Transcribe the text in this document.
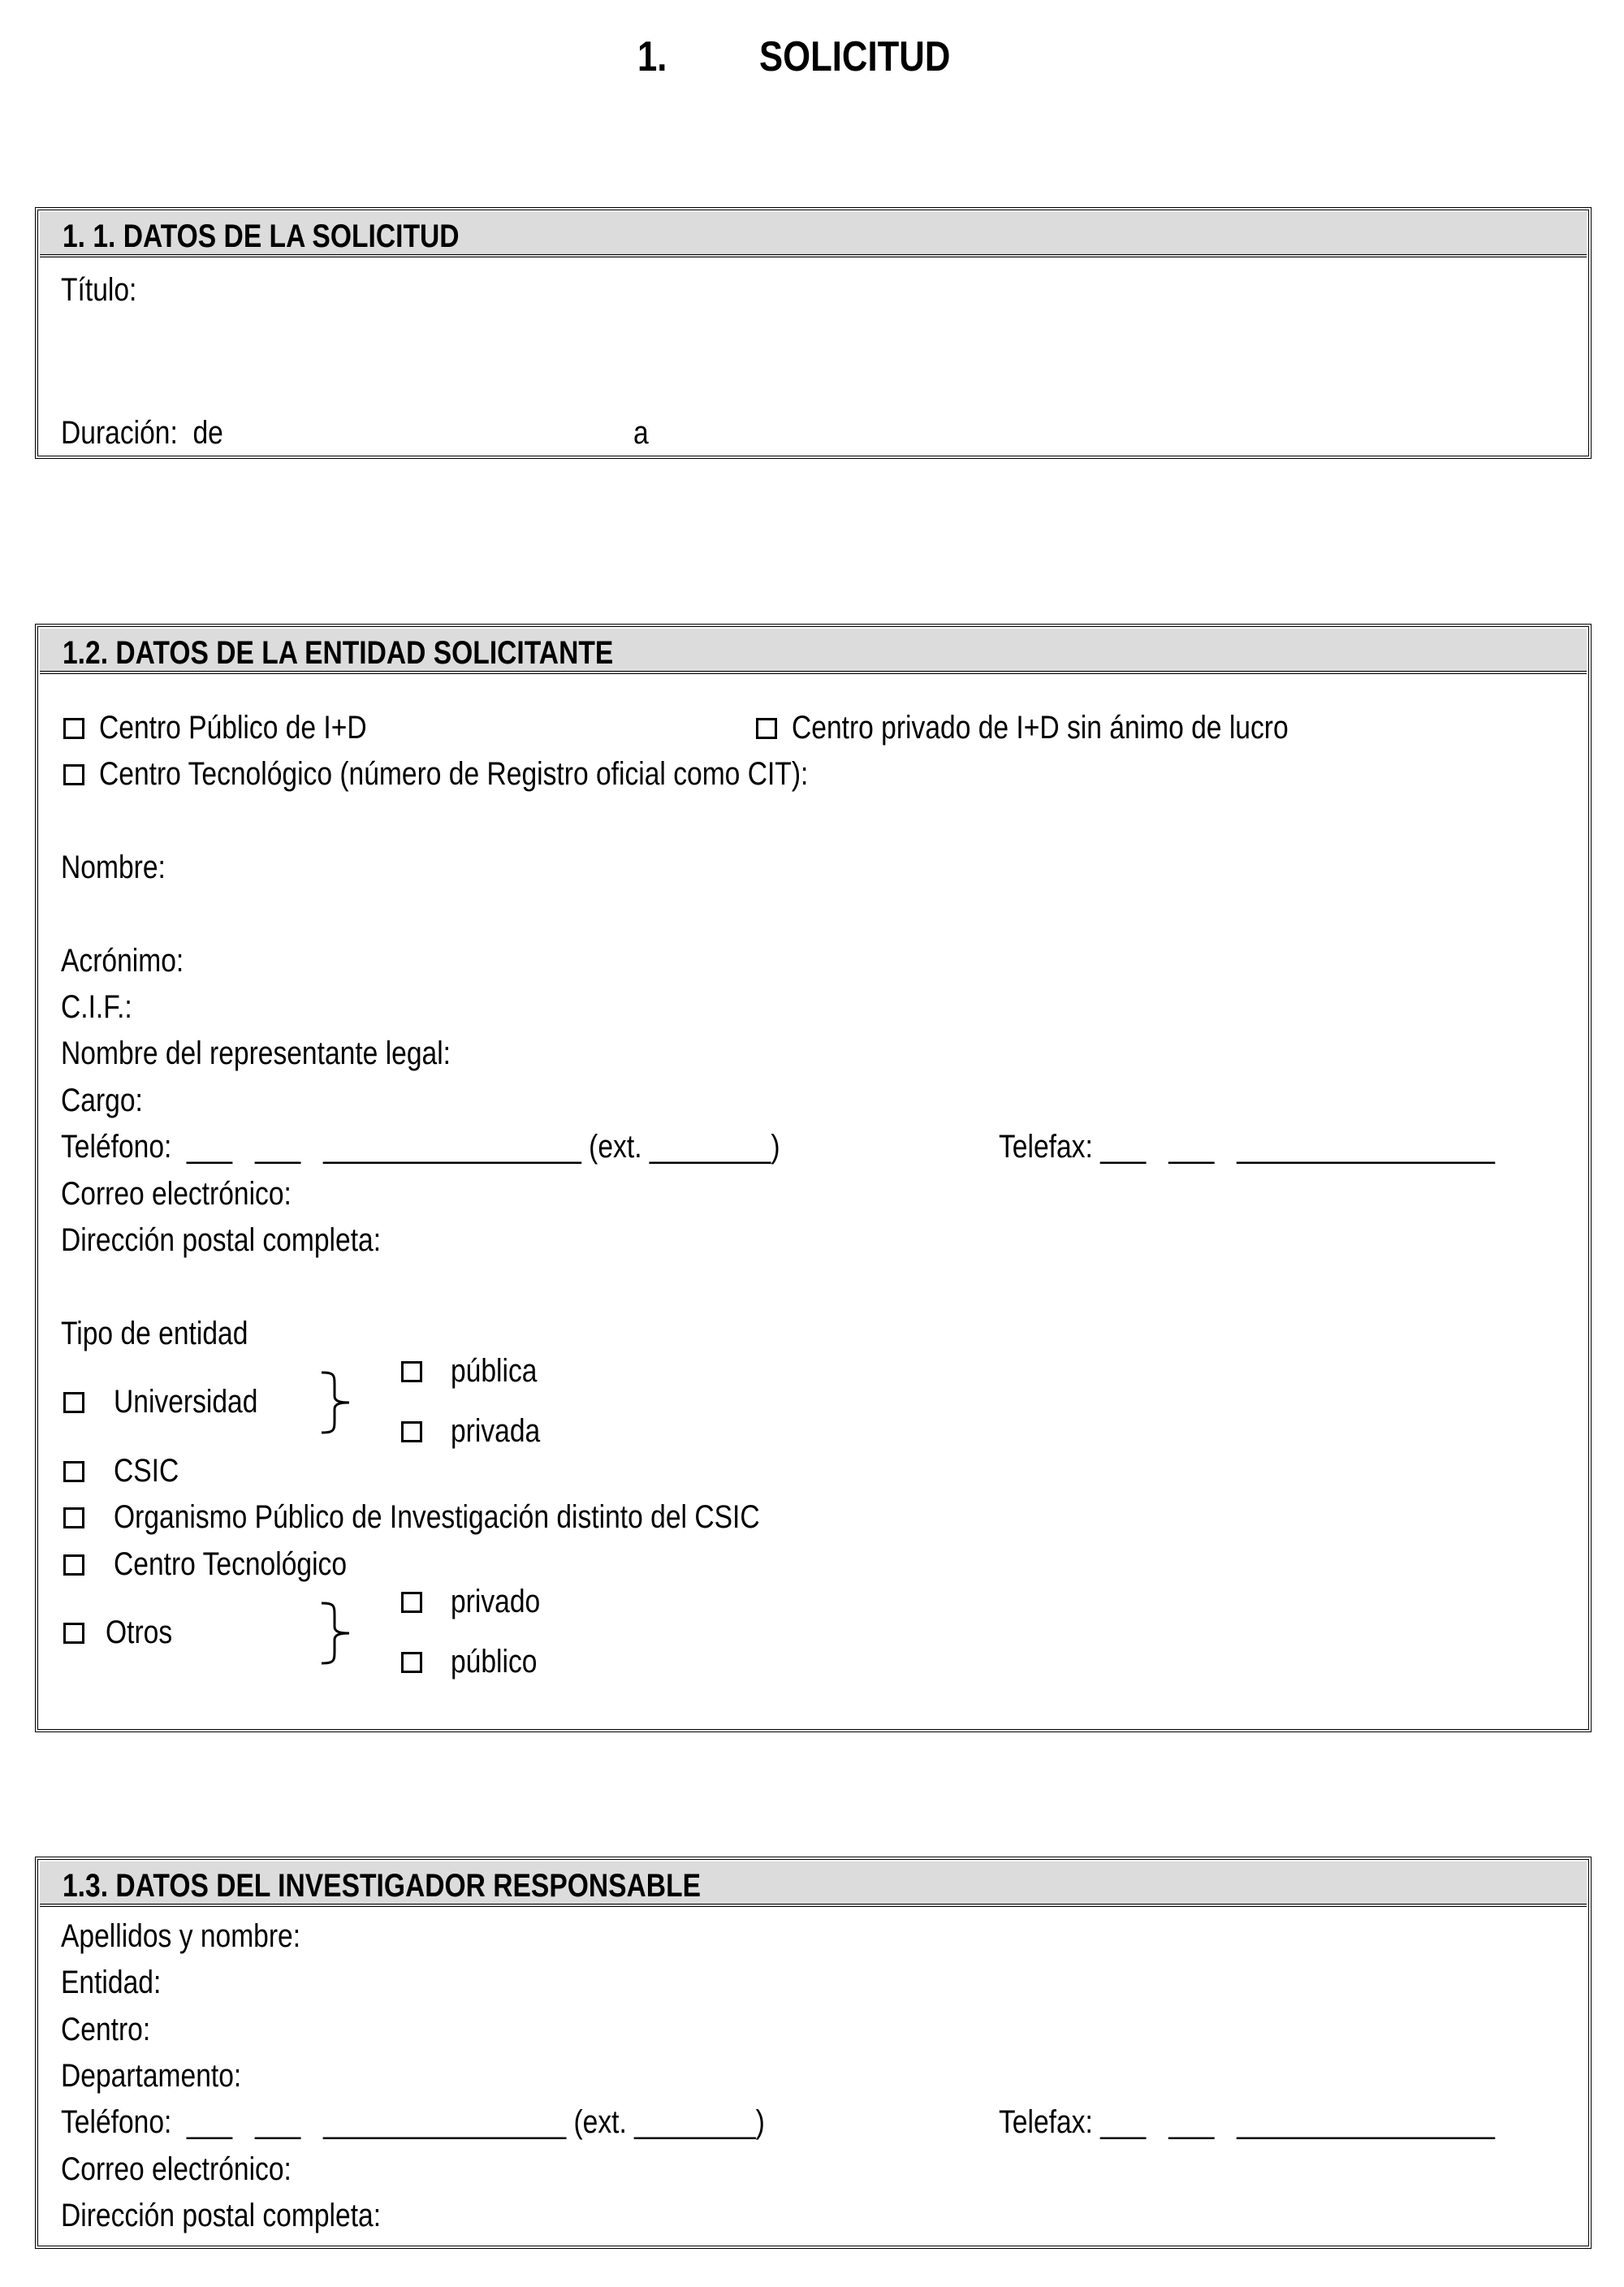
1. SOLICITUD
1. 1. DATOS DE LA SOLICITUD
Título:
Duración:  de	a
1.2. DATOS DE LA ENTIDAD SOLICITANTE
Centro Público de I+D	Centro privado de I+D sin ánimo de lucro
Centro Tecnológico (número de Registro oficial como CIT):
Nombre:
Acrónimo:
C.I.F.:
Nombre del representante legal:
Cargo:
Teléfono:  ___   ___   _________________ (ext. ________)	Telefax: ___   ___   _________________
Correo electrónico:
Dirección postal completa:
Tipo de entidad
Universidad
pública
privada
CSIC
Organismo Público de Investigación distinto del CSIC
Centro Tecnológico
Otros
privado
público
1.3. DATOS DEL INVESTIGADOR RESPONSABLE
Apellidos y nombre:
Entidad:
Centro:
Departamento:
Teléfono:  ___   ___   ________________ (ext. ________)	Telefax: ___   ___   _________________
Correo electrónico:
Dirección postal completa:
